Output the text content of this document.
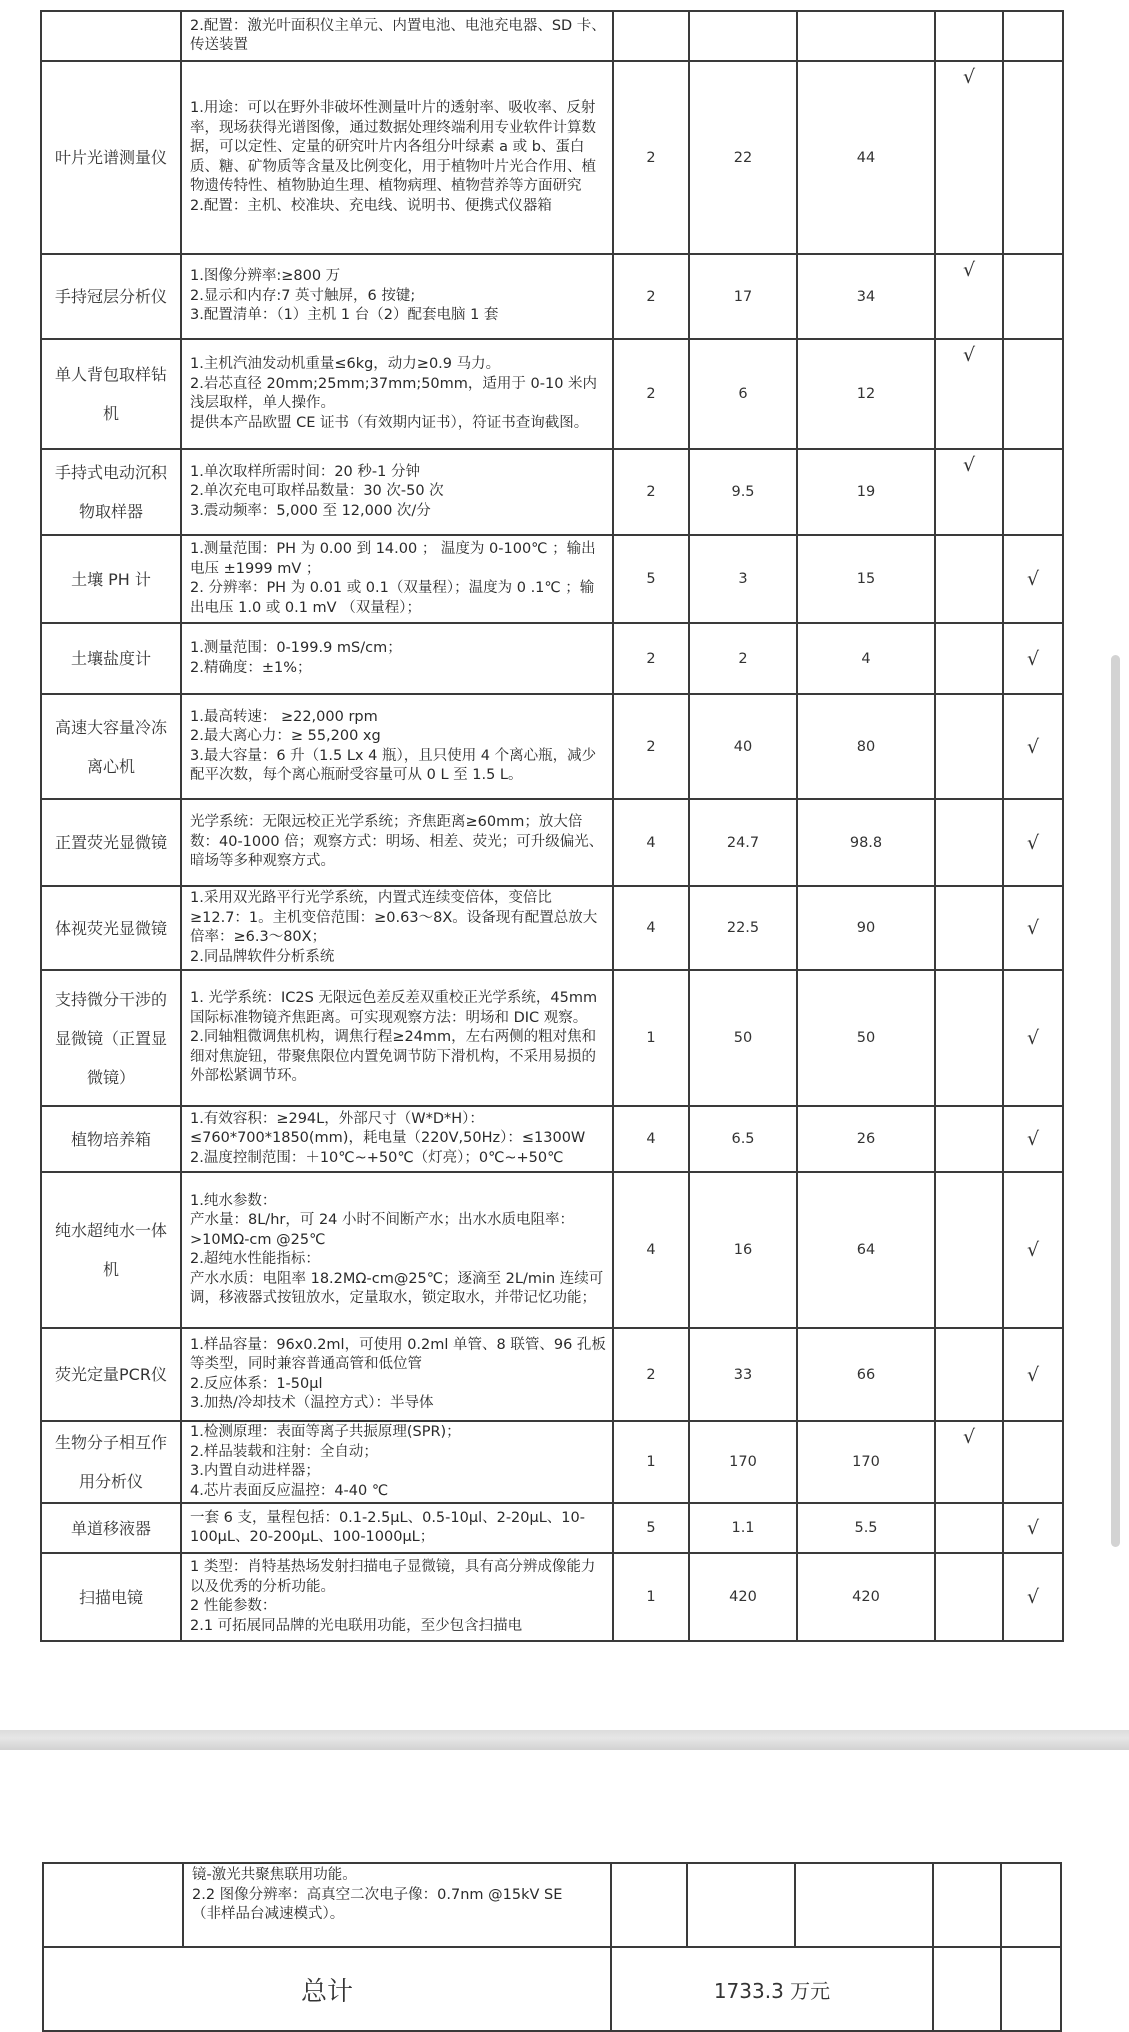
	2.配置：激光叶面积仪主单元、内置电池、电池充电器、SD 卡、传送装置					
叶片光谱测量仪	1.用途：可以在野外非破坏性测量叶片的透射率、吸收率、反射率，现场获得光谱图像，通过数据处理终端利用专业软件计算数据，可以定性、定量的研究叶片内各组分叶绿素 a 或 b、蛋白质、糖、矿物质等含量及比例变化，用于植物叶片光合作用、植物遗传特性、植物胁迫生理、植物病理、植物营养等方面研究
2.配置：主机、校准块、充电线、说明书、便携式仪器箱	2	22	44	√	
手持冠层分析仪	1.图像分辨率:≥800 万
2.显示和内存:7 英寸触屏，6 按键;
3.配置清单：（1）主机 1 台（2）配套电脑 1 套	2	17	34	√	
单人背包取样钻机	1.主机汽油发动机重量≤6kg，动力≥0.9 马力。
2.岩芯直径 20mm;25mm;37mm;50mm，适用于 0-10 米内浅层取样，单人操作。
提供本产品欧盟 CE 证书（有效期内证书），符证书查询截图。	2	6	12	√	
手持式电动沉积物取样器	1.单次取样所需时间：20 秒-1 分钟
2.单次充电可取样品数量：30 次-50 次
3.震动频率：5,000 至 12,000 次/分	2	9.5	19	√	
土壤 PH 计	1.测量范围：PH 为 0.00 到 14.00 ； 温度为 0-100℃ ；输出电压 ±1999 mV ；
2. 分辨率：PH 为 0.01 或 0.1（双量程）；温度为 0 .1℃ ；输出电压 1.0 或 0.1 mV （双量程）；	5	3	15		√
土壤盐度计	1.测量范围：0-199.9 mS/cm；
2.精确度：±1%；	2	2	4		√
高速大容量冷冻离心机	1.最高转速： ≥22,000 rpm
2.最大离心力：≥ 55,200 xg
3.最大容量：6 升（1.5 Lx 4 瓶），且只使用 4 个离心瓶，减少配平次数，每个离心瓶耐受容量可从 0 L 至 1.5 L。	2	40	80		√
正置荧光显微镜	光学系统：无限远校正光学系统；齐焦距离≥60mm；放大倍数：40-1000 倍；观察方式：明场、相差、荧光；可升级偏光、暗场等多种观察方式。	4	24.7	98.8		√
体视荧光显微镜	1.采用双光路平行光学系统，内置式连续变倍体，变倍比≥12.7：1。主机变倍范围：≥0.63～8X。设备现有配置总放大倍率：≥6.3～80X；
2.同品牌软件分析系统	4	22.5	90		√
支持微分干涉的显微镜（正置显微镜）	1. 光学系统：IC2S 无限远色差反差双重校正光学系统，45mm 国际标准物镜齐焦距离。可实现观察方法：明场和 DIC 观察。
2.同轴粗微调焦机构，调焦行程≥24mm，左右两侧的粗对焦和细对焦旋钮，带聚焦限位内置免调节防下滑机构，不采用易损的外部松紧调节环。	1	50	50		√
植物培养箱	1.有效容积：≥294L，外部尺寸（W*D*H）：≤760*700*1850(mm)，耗电量（220V,50Hz）：≤1300W
2.温度控制范围：＋10℃~+50℃（灯亮）；0℃~+50℃	4	6.5	26		√
纯水超纯水一体机	1.纯水参数：
产水量：8L/hr，可 24 小时不间断产水；出水水质电阻率：>10MΩ-cm @25℃
2.超纯水性能指标：
产水水质：电阻率 18.2MΩ-cm@25℃；逐滴至 2L/min 连续可调，移液器式按钮放水，定量取水，锁定取水，并带记忆功能；	4	16	64		√
荧光定量PCR仪	1.样品容量：96x0.2ml，可使用 0.2ml 单管、8 联管、96 孔板等类型，同时兼容普通高管和低位管
2.反应体系：1-50μl
3.加热/冷却技术（温控方式）：半导体	2	33	66		√
生物分子相互作用分析仪	1.检测原理：表面等离子共振原理(SPR)；
2.样品装载和注射：全自动；
3.内置自动进样器；
4.芯片表面反应温控：4-40 ℃	1	170	170	√	
单道移液器	一套 6 支，量程包括：0.1-2.5μL、0.5-10μl、2-20μL、10-100μL、20-200μL、100-1000μL；	5	1.1	5.5		√
扫描电镜	1 类型：肖特基热场发射扫描电子显微镜，具有高分辨成像能力以及优秀的分析功能。
2 性能参数：
2.1 可拓展同品牌的光电联用功能，至少包含扫描电	1	420	420		√
	镜-激光共聚焦联用功能。
2.2 图像分辨率：高真空二次电子像：0.7nm @15kV SE
（非样品台减速模式）。					
总计		1733.3 万元				
